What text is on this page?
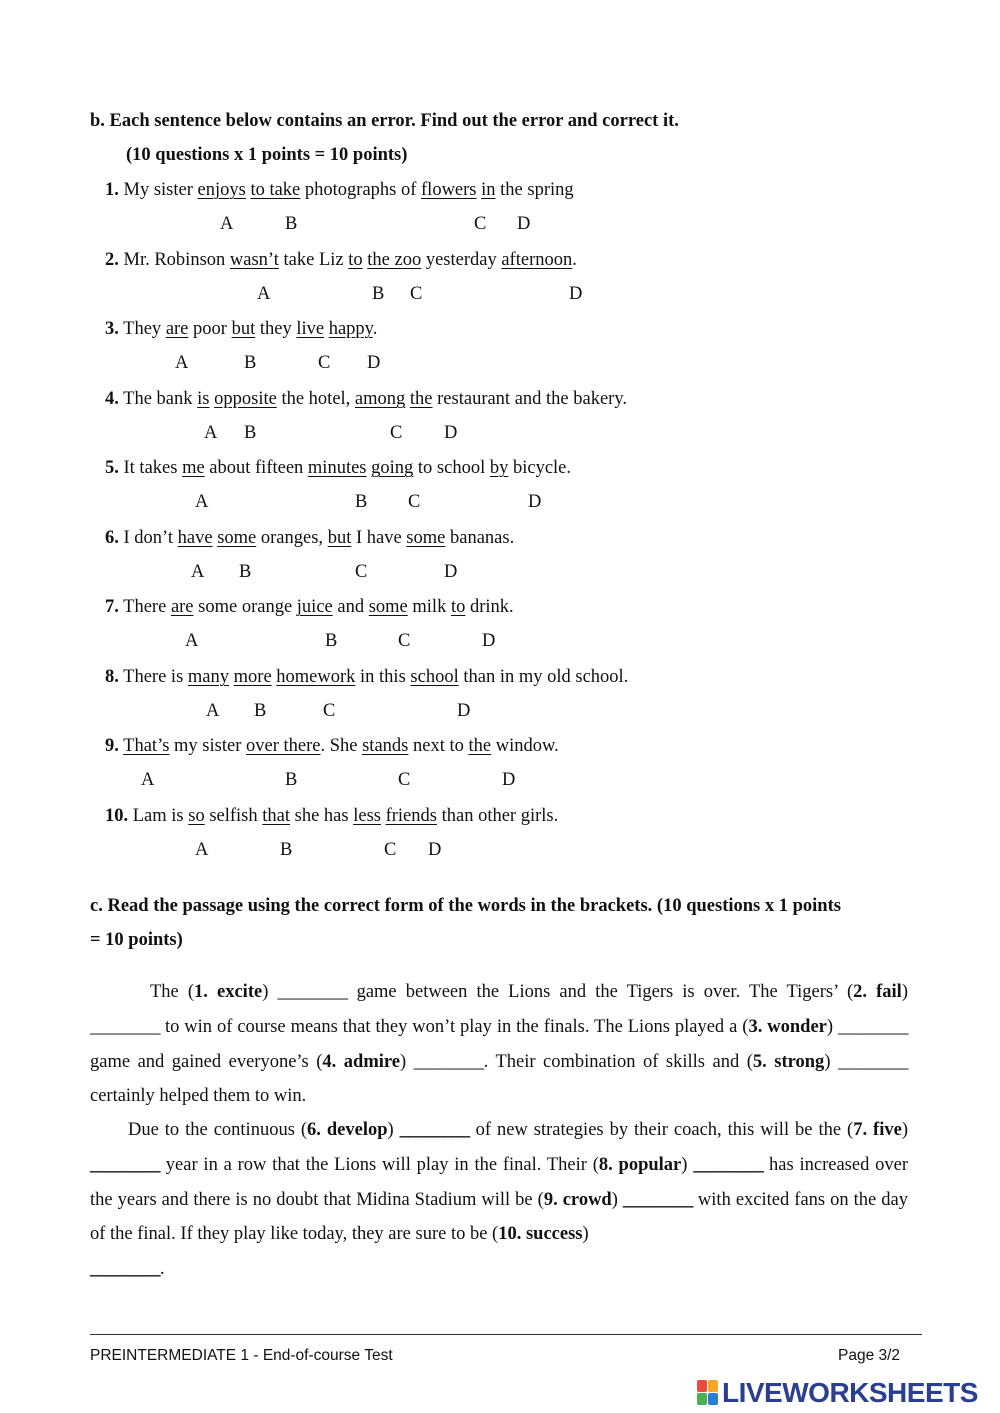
b. Each sentence below contains an error. Find out the error and correct it.
(10 questions x 1 points = 10 points)
1. My sister enjoys to take photographs of flowers in the spring
A	B	C D
2. Mr. Robinson wasn’t take Liz to the zoo yesterday afternoon.
A	B C	D
3. They are poor but they live happy.
A	B	C D
4. The bank is opposite the hotel, among the restaurant and the bakery.
A B	C D
5. It takes me about fifteen minutes going to school by bicycle.
A	B C	D
6. I don’t have some oranges, but I have some bananas.
A B	C	D
7. There are some orange juice and some milk to drink.
A	B	C	D
8. There is many more homework in this school than in my old school.
A B	C	D
9. That’s my sister over there. She stands next to the window.
A	B	C	D
10. Lam is so selfish that she has less friends than other girls.
A	B	C D
c. Read the passage using the correct form of the words in the brackets. (10 questions x 1 points
= 10 points)
The (1. excite) ________ game between the Lions and the Tigers is over. The Tigers’ (2. fail) ________ to win of course means that they won’t play in the finals. The Lions played a (3. wonder) ________ game and gained everyone’s (4. admire) ________. Their combination of skills and (5. strong) ________ certainly helped them to win.
Due to the continuous (6. develop) ________ of new strategies by their coach, this will be the (7. five) ________ year in a row that the Lions will play in the final. Their (8. popular) ________ has increased over the years and there is no doubt that Midina Stadium will be (9. crowd) ________ with excited fans on the day of the final. If they play like today, they are sure to be (10. success)
________.
PREINTERMEDIATE 1 - End-of-course Test	Page 3/2
LIVEWORKSHEETS
